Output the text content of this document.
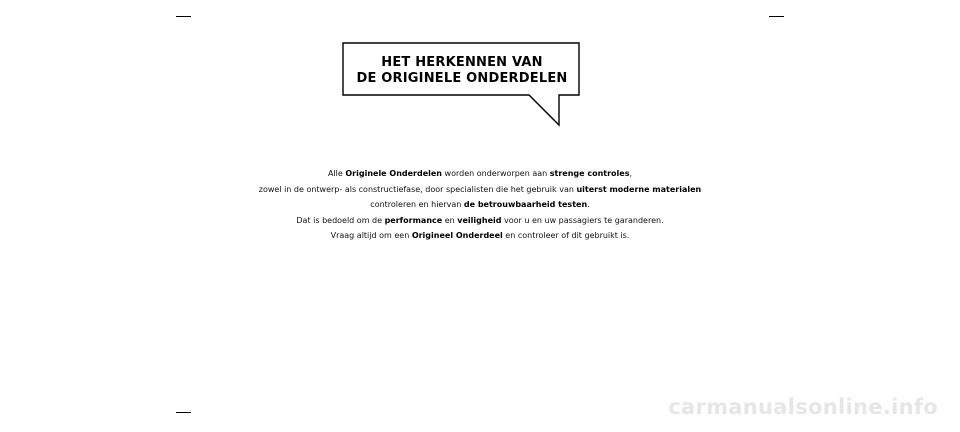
HET HERKENNEN VAN
DE ORIGINELE ONDERDELEN
Alle Originele Onderdelen worden onderworpen aan strenge controles,
zowel in de ontwerp- als constructiefase, door specialisten die het gebruik van uiterst moderne materialen
controleren en hiervan de betrouwbaarheid testen.
Dat is bedoeld om de performance en veiligheid voor u en uw passagiers te garanderen.
Vraag altijd om een Origineel Onderdeel en controleer of dit gebruikt is.
carmanualsonline.info
